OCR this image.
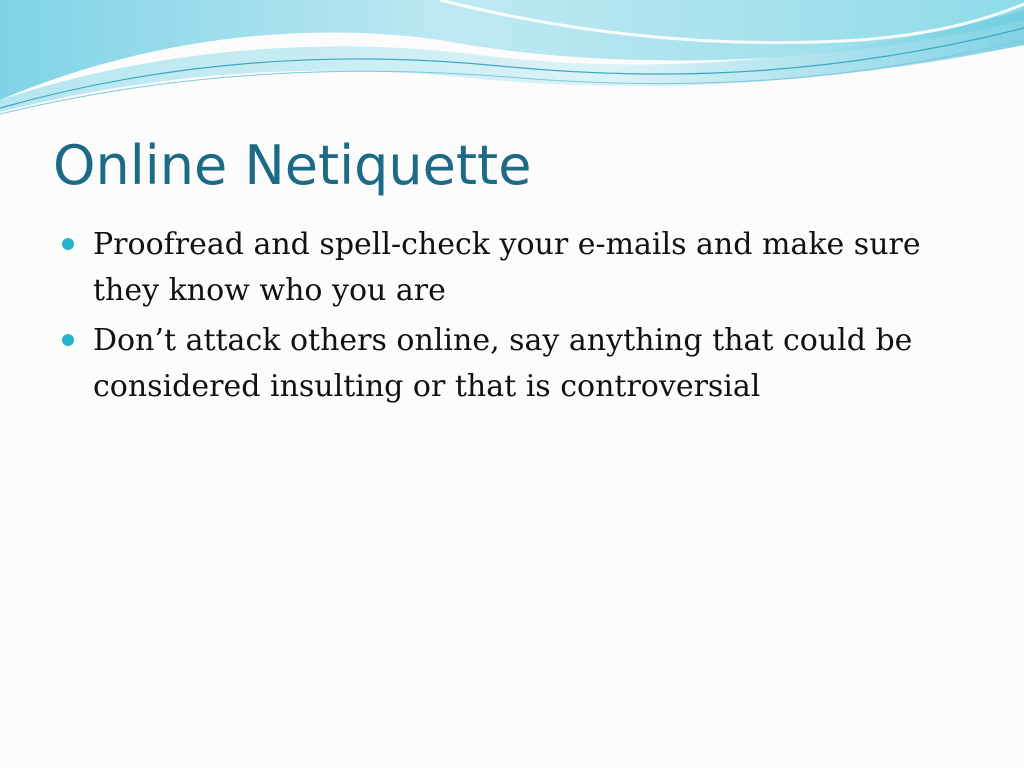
Online Netiquette
Proofread and spell-check your e-mails and make sure they know who you are
Don’t attack others online, say anything that could be considered insulting or that is controversial
